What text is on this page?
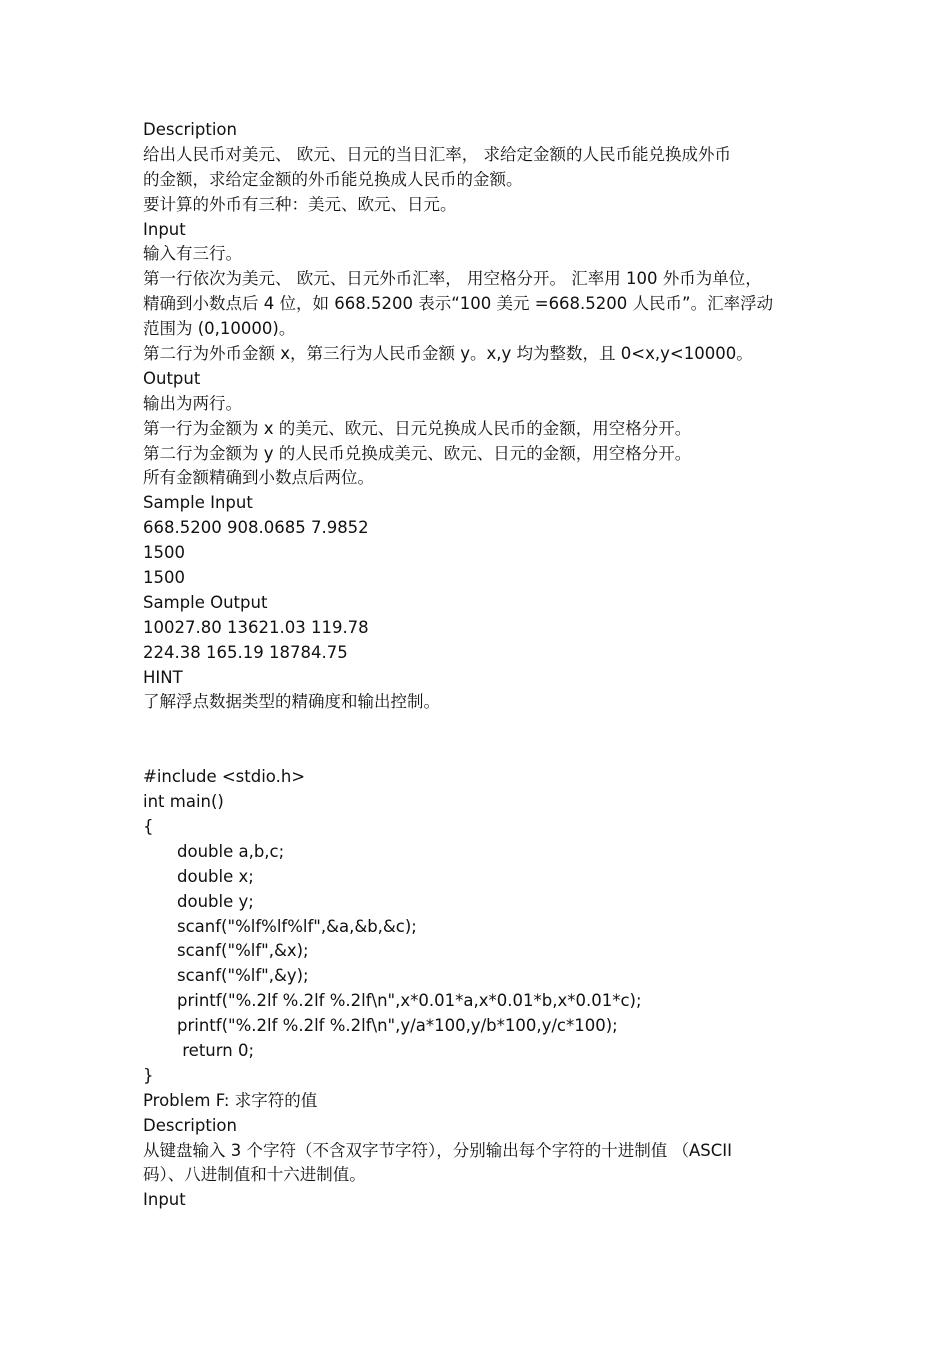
Description
给出人民币对美元、 欧元、日元的当日汇率， 求给定金额的人民币能兑换成外币
的金额，求给定金额的外币能兑换成人民币的金额。
要计算的外币有三种：美元、欧元、日元。
Input
输入有三行。
第一行依次为美元、 欧元、日元外币汇率， 用空格分开。 汇率用 100 外币为单位，
精确到小数点后 4 位，如 668.5200 表示“100 美元 =668.5200 人民币”。汇率浮动
范围为 (0,10000)。
第二行为外币金额 x，第三行为人民币金额 y。x,y 均为整数，且 0<x,y<10000。
Output
输出为两行。
第一行为金额为 x 的美元、欧元、日元兑换成人民币的金额，用空格分开。
第二行为金额为 y 的人民币兑换成美元、欧元、日元的金额，用空格分开。
所有金额精确到小数点后两位。
Sample Input
668.5200 908.0685 7.9852
1500
1500
Sample Output
10027.80 13621.03 119.78
224.38 165.19 18784.75
HINT
了解浮点数据类型的精确度和输出控制。
#include <stdio.h>
int main()
{
double a,b,c;
double x;
double y;
scanf("%lf%lf%lf",&a,&b,&c);
scanf("%lf",&x);
scanf("%lf",&y);
printf("%.2lf %.2lf %.2lf\n",x*0.01*a,x*0.01*b,x*0.01*c);
printf("%.2lf %.2lf %.2lf\n",y/a*100,y/b*100,y/c*100);
return 0;
}
Problem F: 求字符的值
Description
从键盘输入 3 个字符（不含双字节字符），分别输出每个字符的十进制值 （ASCII
码）、八进制值和十六进制值。
Input
